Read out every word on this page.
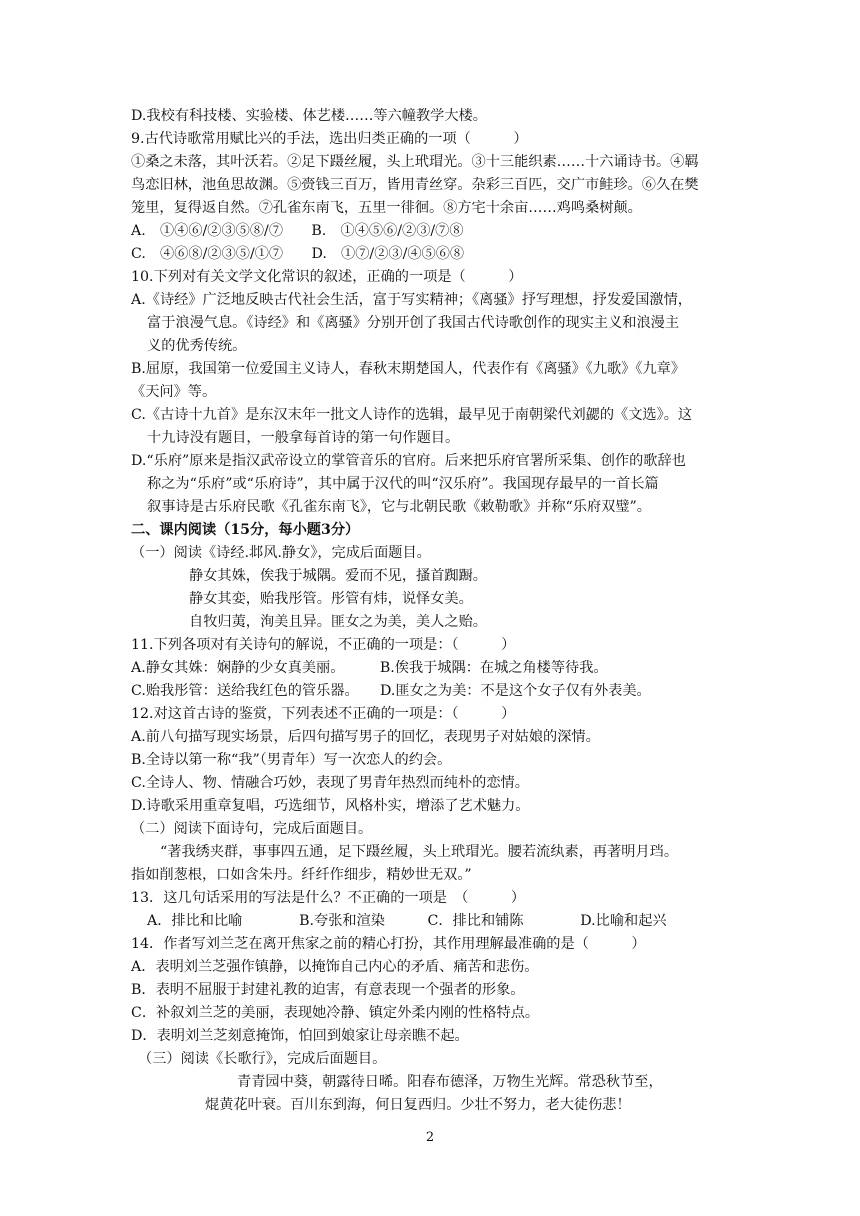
D.我校有科技楼、实验楼、体艺楼……等六幢教学大楼。
9.古代诗歌常用赋比兴的手法，选出归类正确的一项（　　　）
①桑之未落，其叶沃若。②足下蹑丝履，头上玳瑁光。③十三能织素……十六诵诗书。④羁
鸟恋旧林，池鱼思故渊。⑤赍钱三百万，皆用青丝穿。杂彩三百匹，交广市鲑珍。⑥久在樊
笼里，复得返自然。⑦孔雀东南飞，五里一徘徊。⑧方宅十余亩……鸡鸣桑树颠。
A.　①④⑥/②③⑤⑧/⑦　　B.　①④⑤⑥/②③/⑦⑧
C.　④⑥⑧/②③⑤/①⑦　　D.　①⑦/②③/④⑤⑥⑧
10.下列对有关文学文化常识的叙述，正确的一项是（　　　）
A.《诗经》广泛地反映古代社会生活，富于写实精神；《离骚》抒写理想，抒发爱国激情，
富于浪漫气息。《诗经》和《离骚》分别开创了我国古代诗歌创作的现实主义和浪漫主
义的优秀传统。
B.屈原，我国第一位爱国主义诗人，春秋末期楚国人，代表作有《离骚》《九歌》《九章》
《天问》等。
C.《古诗十九首》是东汉末年一批文人诗作的选辑，最早见于南朝梁代刘勰的《文选》。这
十九诗没有题目，一般拿每首诗的第一句作题目。
D.“乐府”原来是指汉武帝设立的掌管音乐的官府。后来把乐府官署所采集、创作的歌辞也
称之为“乐府”或“乐府诗”，其中属于汉代的叫“汉乐府”。我国现存最早的一首长篇
叙事诗是古乐府民歌《孔雀东南飞》，它与北朝民歌《敕勒歌》并称“乐府双璧”。
二、课内阅读（15分，每小题3分）
（一）阅读《诗经.邶风.静女》，完成后面题目。
静女其姝，俟我于城隅。爱而不见，搔首踟蹰。
静女其娈，贻我彤管。彤管有炜，说怿女美。
自牧归荑，洵美且异。匪女之为美，美人之贻。
11.下列各项对有关诗句的解说，不正确的一项是：（　　　）
A.静女其姝：娴静的少女真美丽。　　　B.俟我于城隅：在城之角楼等待我。
C.贻我彤管：送给我红色的管乐器。　　D.匪女之为美：不是这个女子仅有外表美。
12.对这首古诗的鉴赏，下列表述不正确的一项是：（　　　）
A.前八句描写现实场景，后四句描写男子的回忆，表现男子对姑娘的深情。
B.全诗以第一称“我”（男青年）写一次恋人的约会。
C.全诗人、物、情融合巧妙，表现了男青年热烈而纯朴的恋情。
D.诗歌采用重章复唱，巧选细节，风格朴实，增添了艺术魅力。
（二）阅读下面诗句，完成后面题目。
“著我绣夹群，事事四五通，足下蹑丝履，头上玳瑁光。腰若流纨素，再著明月珰。
指如削葱根，口如含朱丹。纤纤作细步，精妙世无双。”
13．这几句话采用的写法是什么？不正确的一项是　（　　　）
A．排比和比喻　　　　B.夸张和渲染　　　C．排比和铺陈　　　　D.比喻和起兴
14．作者写刘兰芝在离开焦家之前的精心打扮，其作用理解最准确的是（　　　）
A．表明刘兰芝强作镇静，以掩饰自己内心的矛盾、痛苦和悲伤。
B．表明不屈服于封建礼教的迫害，有意表现一个强者的形象。
C．补叙刘兰芝的美丽，表现她冷静、镇定外柔内刚的性格特点。
D．表明刘兰芝刻意掩饰，怕回到娘家让母亲瞧不起。
（三）阅读《长歌行》，完成后面题目。
青青园中葵，朝露待日晞。阳春布德泽，万物生光辉。常恐秋节至，
焜黄花叶衰。百川东到海，何日复西归。少壮不努力，老大徒伤悲！
2
